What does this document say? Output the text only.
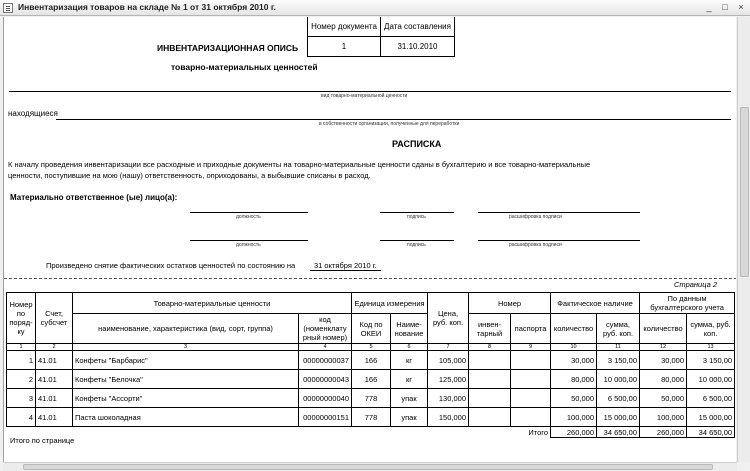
Инвентаризация товаров на складе № 1 от 31 октября 2010 г.	_	□	×
Номер документа	Дата составления
1	31.10.2010
ИНВЕНТАРИЗАЦИОННАЯ ОПИСЬ
товарно-материальных ценностей
вид товарно-материальной ценности
находящиеся
в собственности организации, полученные для переработки
РАСПИСКА
К началу проведения инвентаризации все расходные и приходные документы на товарно-материальные ценности сданы в бухгалтерию и все товарно-материальные
ценности, поступившие на мою (нашу) ответственность, оприходованы, а выбывшие списаны в расход.
Материально ответственное (ые) лицо(а):
должность	подпись	расшифровка подписи
должность	подпись	расшифровка подписи
Произведено снятие фактических остатков ценностей по состоянию на	31 октября 2010 г.
Страница 2
Номер по поряд-ку	Счет, субсчет	Товарно-материальные ценности		Единица измерения		Цена, руб. коп.	Номер		Фактическое наличие		По данным бухгалтерского учета	
		наименование, характеристика (вид, сорт, группа)	код (номенклату рный номер)	Код по ОКЕИ	Наиме-нование		инвен-тарный	паспорта	количество	сумма, руб. коп.	количество	сумма, руб. коп.
1	2	3	4	5	6	7	8	9	10	11	12	13
1	41.01	Конфеты "Барбарис"	00000000037	166	кг	105,000			30,000	3 150,00	30,000	3 150,00
2	41.01	Конфеты "Белочка"	00000000043	166	кг	125,000			80,000	10 000,00	80,000	10 000,00
3	41.01	Конфеты "Ассорти"	00000000040	778	упак	130,000			50,000	6 500,00	50,000	6 500,00
4	41.01	Паста шоколадная	00000000151	778	упак	150,000			100,000	15 000,00	100,000	15 000,00
Итого									260,000	34 650,00	260,000	34 650,00
Итого по странице
